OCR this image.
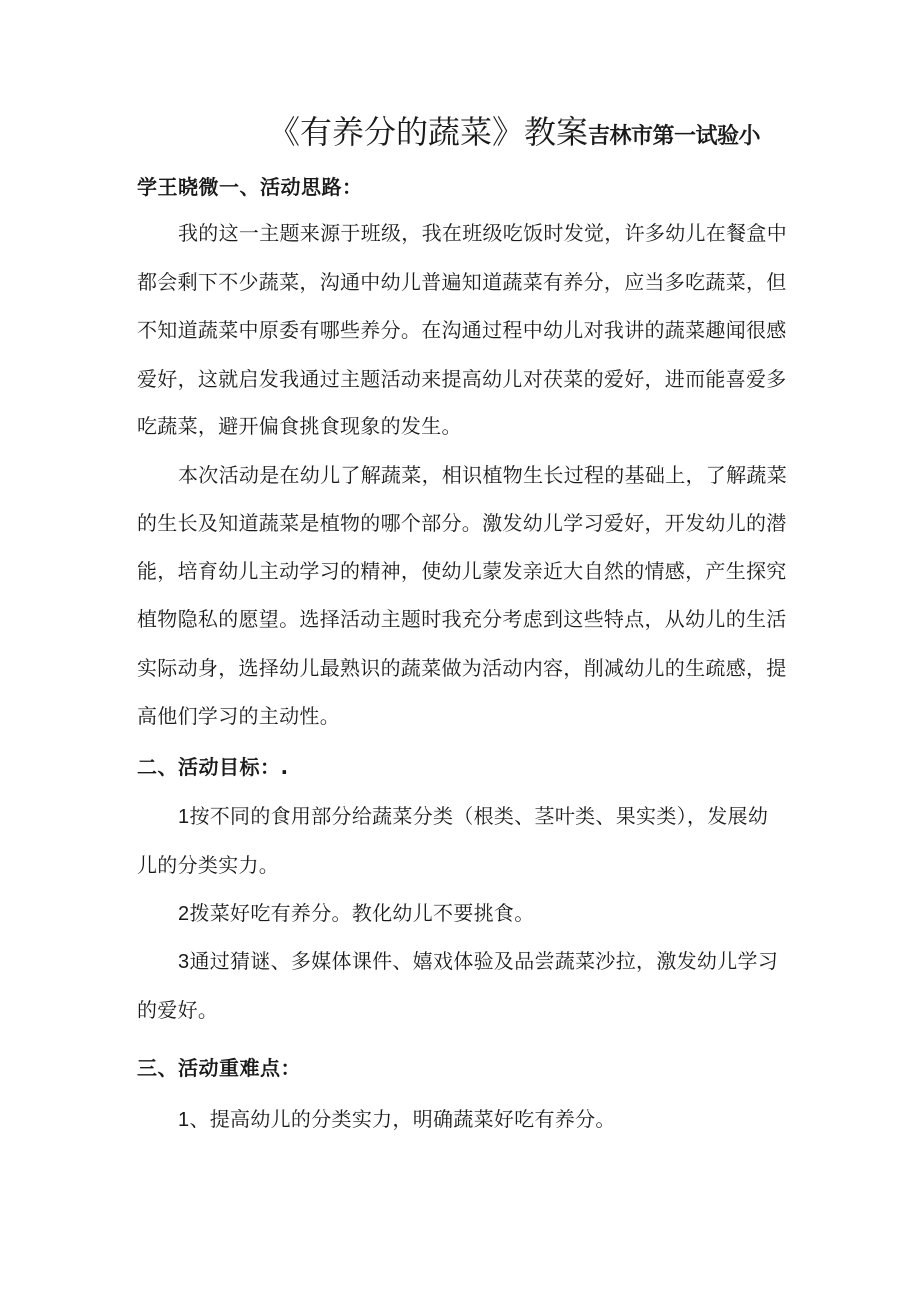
《有养分的蔬菜》教案吉林市第一试验小
学王晓微一、活动思路：
我的这一主题来源于班级，我在班级吃饭时发觉，许多幼儿在餐盒中
都会剩下不少蔬菜，沟通中幼儿普遍知道蔬菜有养分，应当多吃蔬菜，但
不知道蔬菜中原委有哪些养分。在沟通过程中幼儿对我讲的蔬菜趣闻很感
爱好，这就启发我通过主题活动来提高幼儿对茯菜的爱好，进而能喜爱多
吃蔬菜，避开偏食挑食现象的发生。
本次活动是在幼儿了解蔬菜，相识植物生长过程的基础上，了解蔬菜
的生长及知道蔬菜是植物的哪个部分。激发幼儿学习爱好，开发幼儿的潜
能，培育幼儿主动学习的精神，使幼儿蒙发亲近大自然的情感，产生探究
植物隐私的愿望。选择活动主题时我充分考虑到这些特点，从幼儿的生活
实际动身，选择幼儿最熟识的蔬菜做为活动内容，削减幼儿的生疏感，提
高他们学习的主动性。
二、活动目标：.
1按不同的食用部分给蔬菜分类（根类、茎叶类、果实类），发展幼
儿的分类实力。
2拨菜好吃有养分。教化幼儿不要挑食。
3通过猜谜、多媒体课件、嬉戏体验及品尝蔬菜沙拉，激发幼儿学习
的爱好。
三、活动重难点：
1、提高幼儿的分类实力，明确蔬菜好吃有养分。
